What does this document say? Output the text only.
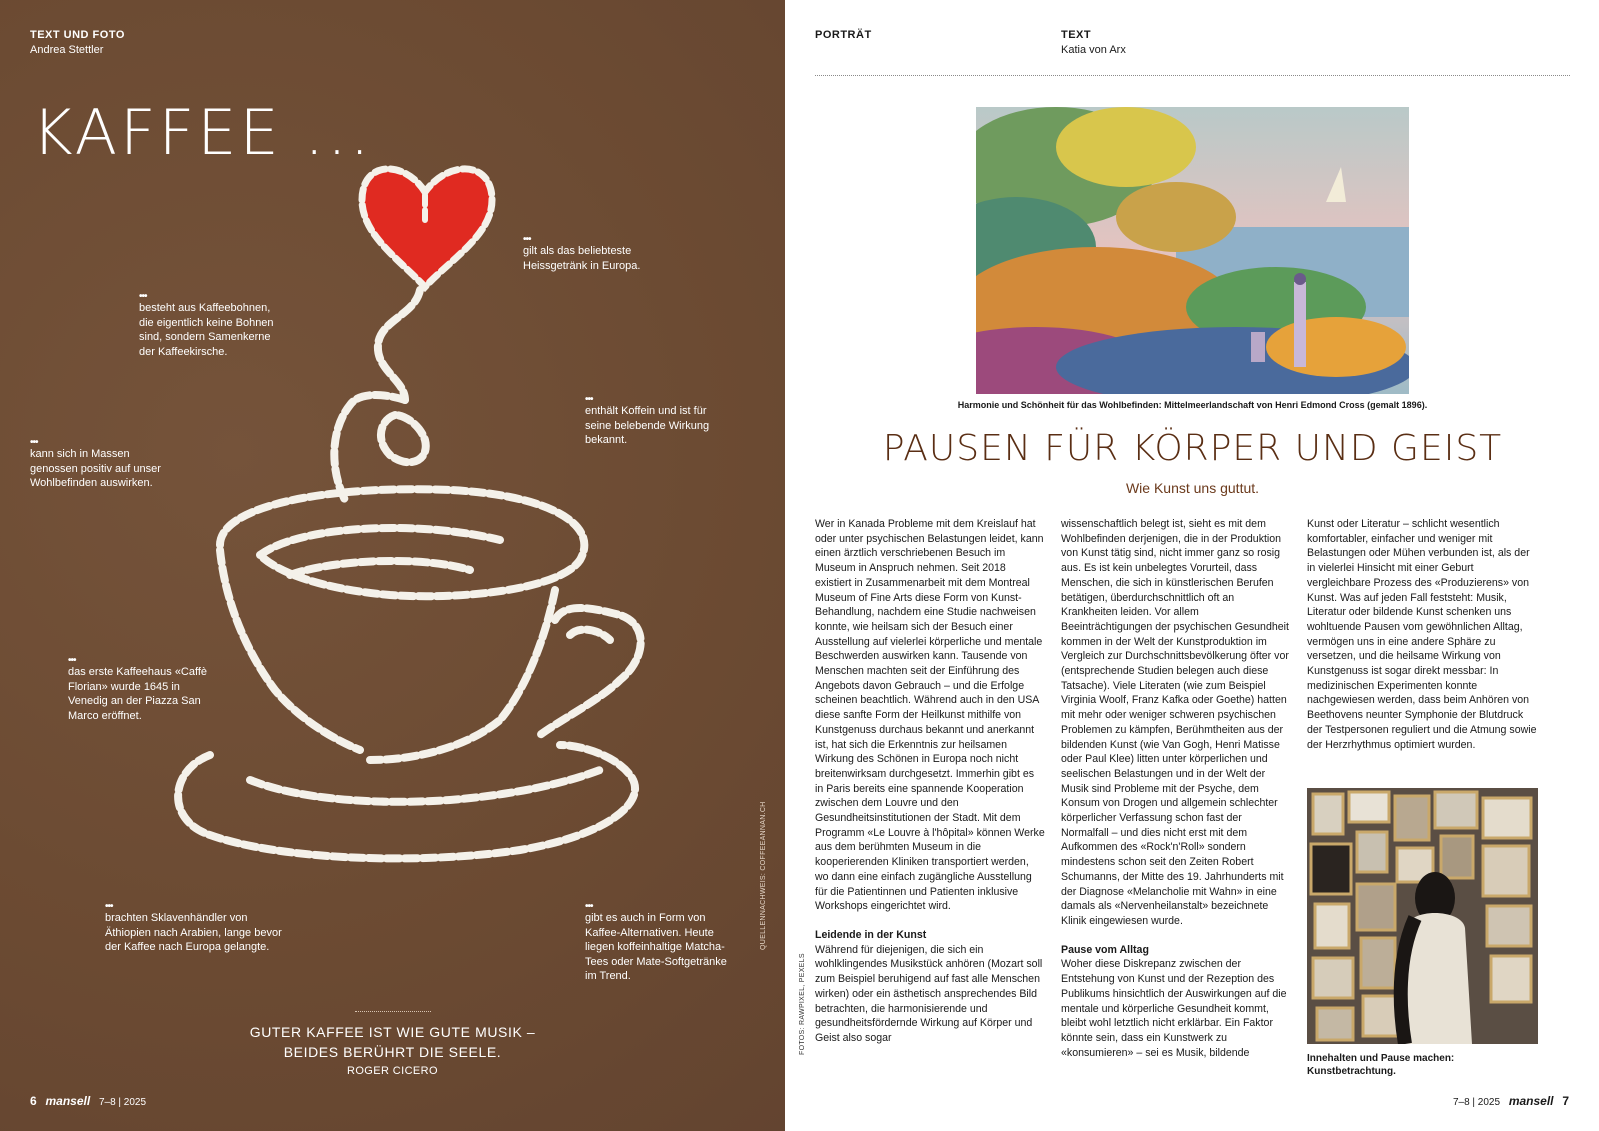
TEXT UND FOTO
Andrea Stettler
KAFFEE ...
•••
gilt als das beliebteste Heissgetränk in Europa.
•••
besteht aus Kaffeebohnen, die eigentlich keine Bohnen sind, sondern Samenkerne der Kaffeekirsche.
•••
enthält Koffein und ist für seine belebende Wirkung bekannt.
•••
kann sich in Massen genossen positiv auf unser Wohlbefinden auswirken.
•••
das erste Kaffeehaus «Caffè Florian» wurde 1645 in Venedig an der Piazza San Marco eröffnet.
•••
brachten Sklavenhändler von Äthiopien nach Arabien, lange bevor der Kaffee nach Europa gelangte.
•••
gibt es auch in Form von Kaffee-Alternativen. Heute liegen koffeinhaltige Matcha-Tees oder Mate-Softgetränke im Trend.
GUTER KAFFEE IST WIE GUTE MUSIK – BEIDES BERÜHRT DIE SEELE.
ROGER CICERO
QUELLENNACHWEIS: COFFEEANNAN.CH
6 mansell 7–8 | 2025
PORTRÄT	TEXT
Katia von Arx
Harmonie und Schönheit für das Wohlbefinden: Mittelmeerlandschaft von Henri Edmond Cross (gemalt 1896).
PAUSEN FÜR KÖRPER UND GEIST
Wie Kunst uns guttut.

Wer in Kanada Probleme mit dem Kreislauf hat oder unter psychischen Belastungen leidet, kann einen ärztlich verschriebenen Besuch im Museum in Anspruch nehmen. Seit 2018 existiert in Zusammenarbeit mit dem Montreal Museum of Fine Arts diese Form von Kunst-Behandlung, nachdem eine Studie nachweisen konnte, wie heilsam sich der Besuch einer Ausstellung auf vielerlei körperliche und mentale Beschwerden auswirken kann. Tausende von Menschen machten seit der Einführung des Angebots davon Gebrauch – und die Erfolge scheinen beachtlich. Während auch in den USA diese sanfte Form der Heilkunst mithilfe von Kunstgenuss durchaus bekannt und anerkannt ist, hat sich die Erkenntnis zur heilsamen Wirkung des Schönen in Europa noch nicht breitenwirksam durchgesetzt. Immerhin gibt es in Paris bereits eine spannende Kooperation zwischen dem Louvre und den Gesundheitsinstitutionen der Stadt. Mit dem Programm «Le Louvre à l'hôpital» können Werke aus dem berühmten Museum in die kooperierenden Kliniken transportiert werden, wo dann eine einfach zugängliche Ausstellung für die Patientinnen und Patienten inklusive Workshops eingerichtet wird.

Leidende in der Kunst

Während für diejenigen, die sich ein wohlklingendes Musikstück anhören (Mozart soll zum Beispiel beruhigend auf fast alle Menschen wirken) oder ein ästhetisch ansprechendes Bild betrachten, die harmonisierende und gesundheitsfördernde Wirkung auf Körper und Geist also sogar

wissenschaftlich belegt ist, sieht es mit dem Wohlbefinden derjenigen, die in der Produktion von Kunst tätig sind, nicht immer ganz so rosig aus. Es ist kein unbelegtes Vorurteil, dass Menschen, die sich in künstlerischen Berufen betätigen, überdurchschnittlich oft an Krankheiten leiden. Vor allem Beeinträchtigungen der psychischen Gesundheit kommen in der Welt der Kunstproduktion im Vergleich zur Durchschnittsbevölkerung öfter vor (entsprechende Studien belegen auch diese Tatsache). Viele Literaten (wie zum Beispiel Virginia Woolf, Franz Kafka oder Goethe) hatten mit mehr oder weniger schweren psychischen Problemen zu kämpfen, Berühmtheiten aus der bildenden Kunst (wie Van Gogh, Henri Matisse oder Paul Klee) litten unter körperlichen und seelischen Belastungen und in der Welt der Musik sind Probleme mit der Psyche, dem Konsum von Drogen und allgemein schlechter körperlicher Verfassung schon fast der Normalfall – und dies nicht erst mit dem Aufkommen des «Rock'n'Roll» sondern mindestens schon seit den Zeiten Robert Schumanns, der Mitte des 19. Jahrhunderts mit der Diagnose «Melancholie mit Wahn» in eine damals als «Nervenheilanstalt» bezeichnete Klinik eingewiesen wurde.

Pause vom Alltag

Woher diese Diskrepanz zwischen der Entstehung von Kunst und der Rezeption des Publikums hinsichtlich der Auswirkungen auf die mentale und körperliche Gesundheit kommt, bleibt wohl letztlich nicht erklärbar. Ein Faktor könnte sein, dass ein Kunstwerk zu «konsumieren» – sei es Musik, bildende

Kunst oder Literatur – schlicht wesentlich komfortabler, einfacher und weniger mit Belastungen oder Mühen verbunden ist, als der in vielerlei Hinsicht mit einer Geburt vergleichbare Prozess des «Produzierens» von Kunst. Was auf jeden Fall feststeht: Musik, Literatur oder bildende Kunst schenken uns wohltuende Pausen vom gewöhnlichen Alltag, vermögen uns in eine andere Sphäre zu versetzen, und die heilsame Wirkung von Kunstgenuss ist sogar direkt messbar: In medizinischen Experimenten konnte nachgewiesen werden, dass beim Anhören von Beethovens neunter Symphonie der Blutdruck der Testpersonen reguliert und die Atmung sowie der Herzrhythmus optimiert wurden.

Innehalten und Pause machen: Kunstbetrachtung.
FOTOS: RAWPIXEL, PEXELS
7–8 | 2025 mansell 7
